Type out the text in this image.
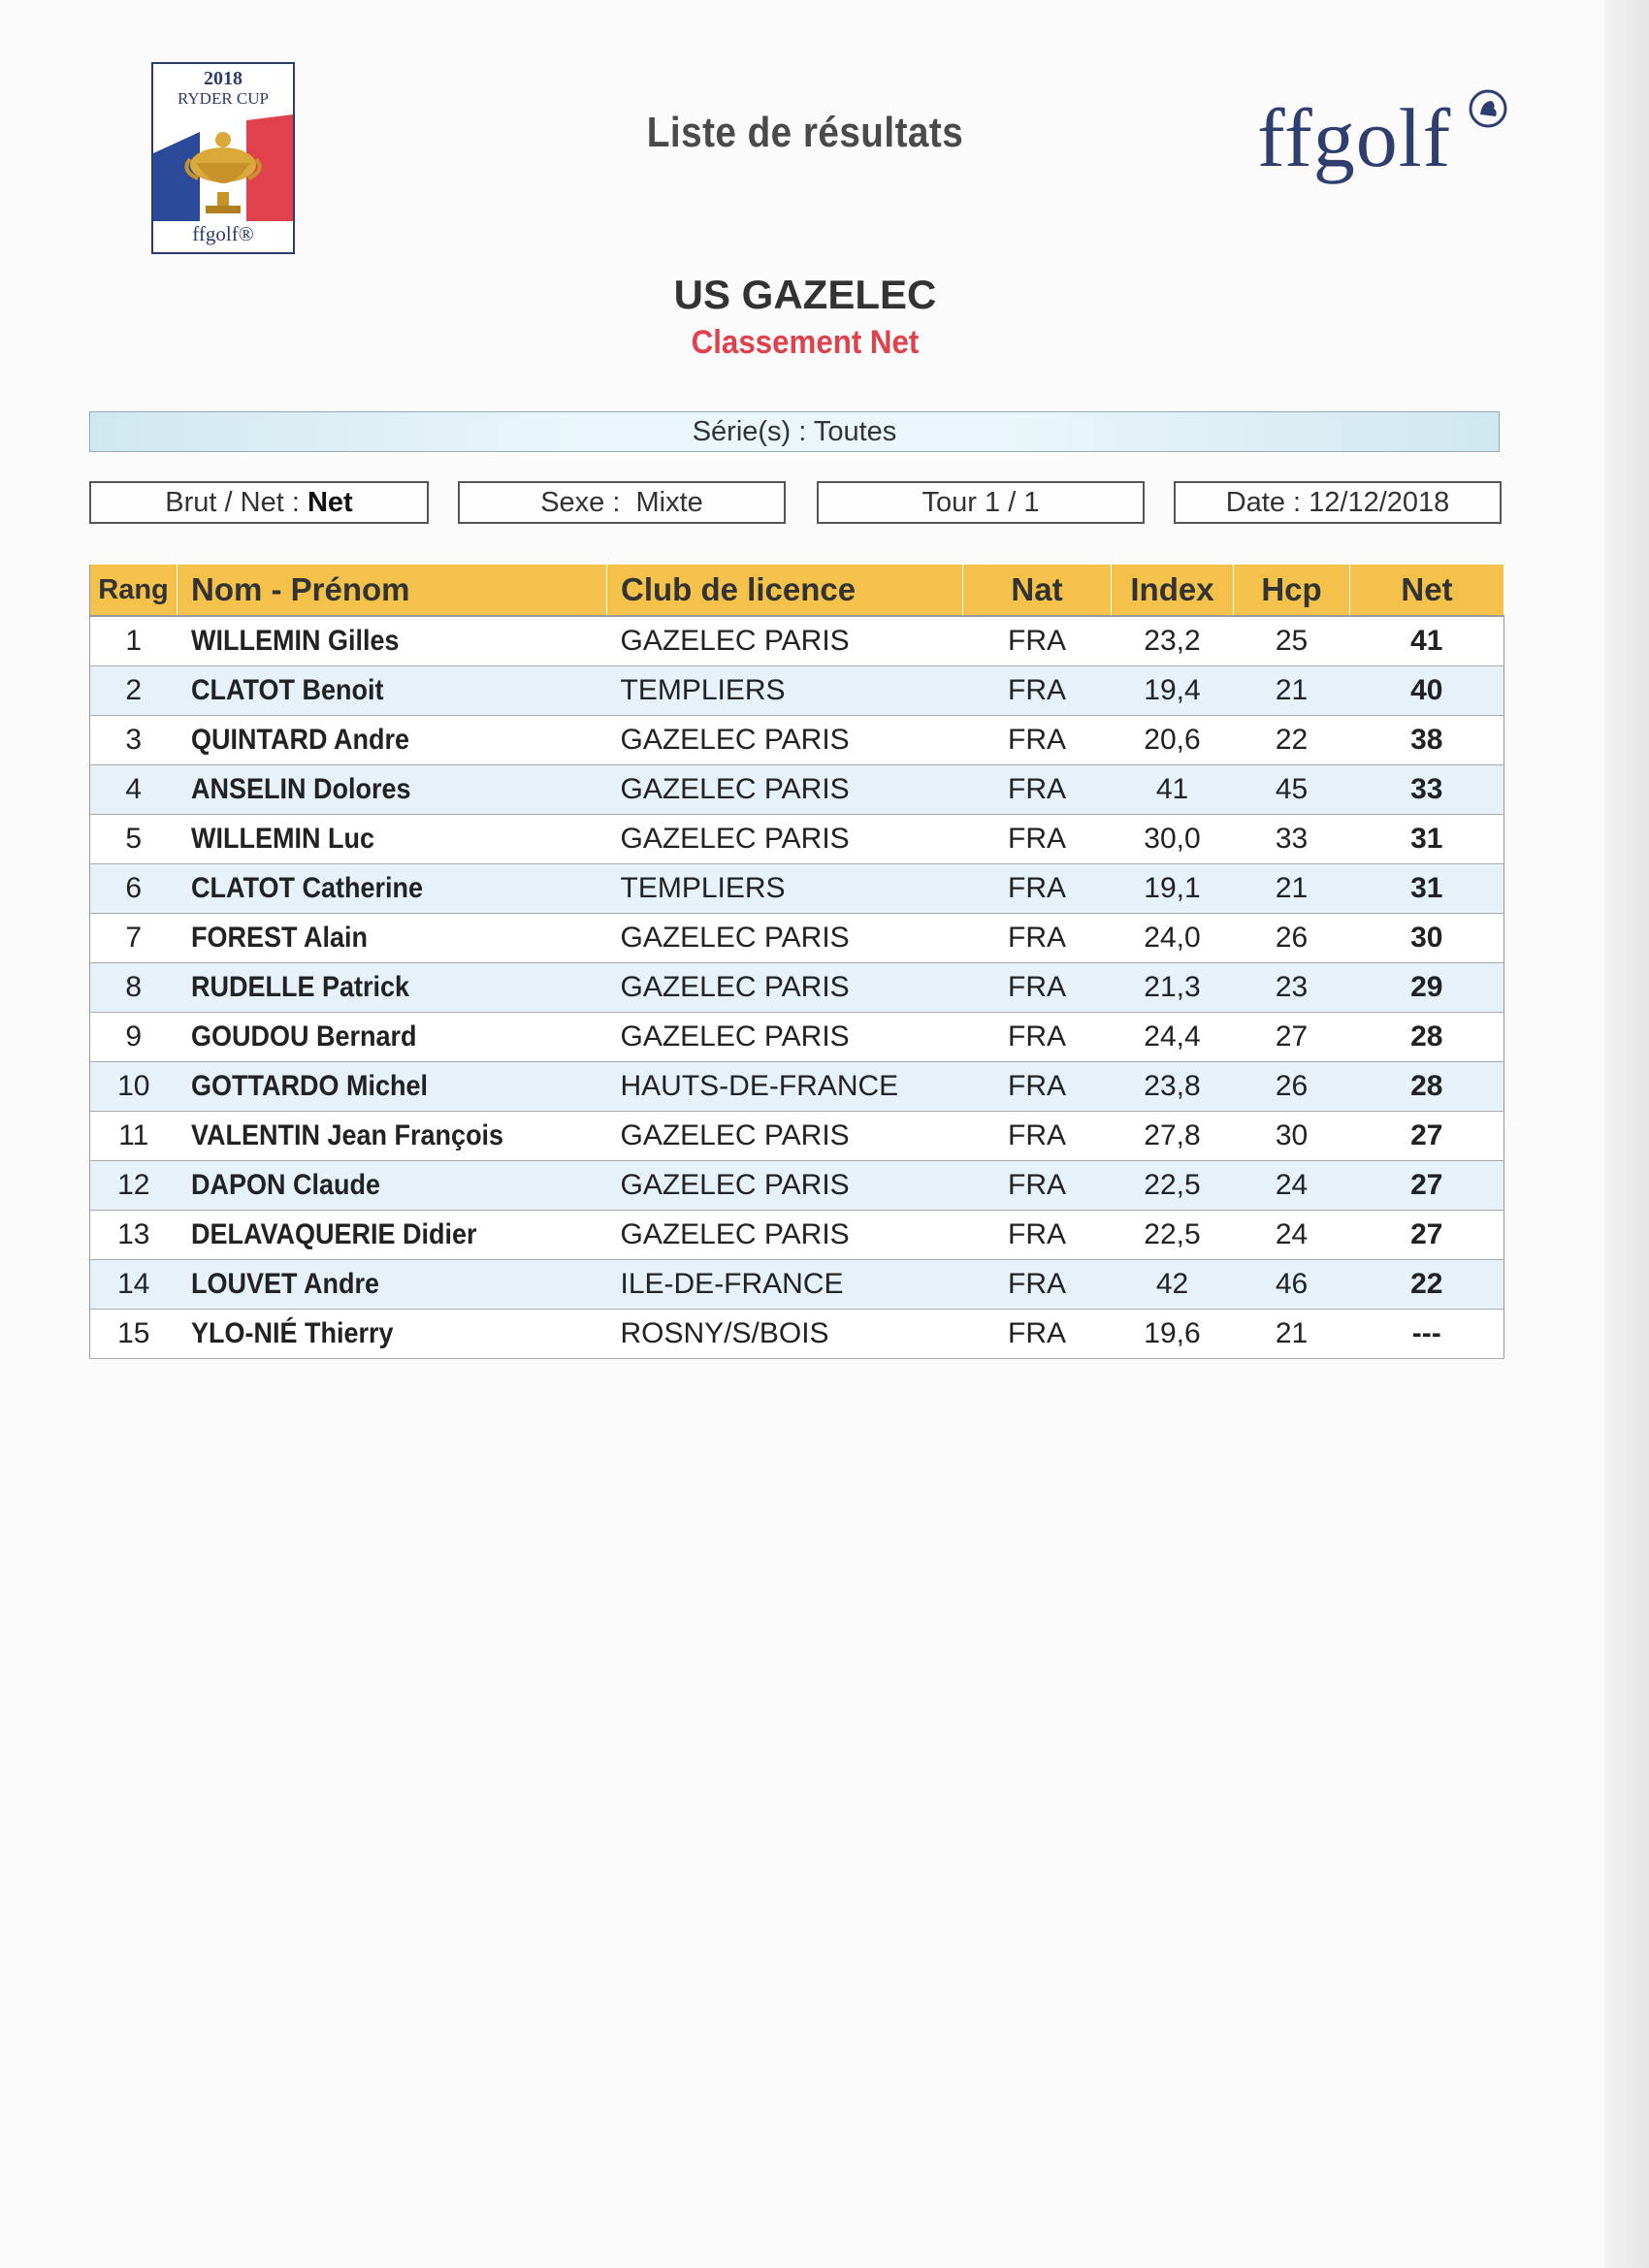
2018
RYDER CUP
ffgolf®
Liste de résultats	ffgolf
US GAZELEC
Classement Net
Série(s) : Toutes
Brut / Net : Net	Sexe :  Mixte	Tour 1 / 1	Date : 12/12/2018
Rang	Nom - Prénom	Club de licence	Nat	Index	Hcp	Net
1	WILLEMIN Gilles	GAZELEC PARIS	FRA	23,2	25	41
2	CLATOT Benoit	TEMPLIERS	FRA	19,4	21	40
3	QUINTARD Andre	GAZELEC PARIS	FRA	20,6	22	38
4	ANSELIN Dolores	GAZELEC PARIS	FRA	41	45	33
5	WILLEMIN Luc	GAZELEC PARIS	FRA	30,0	33	31
6	CLATOT Catherine	TEMPLIERS	FRA	19,1	21	31
7	FOREST Alain	GAZELEC PARIS	FRA	24,0	26	30
8	RUDELLE Patrick	GAZELEC PARIS	FRA	21,3	23	29
9	GOUDOU Bernard	GAZELEC PARIS	FRA	24,4	27	28
10	GOTTARDO Michel	HAUTS-DE-FRANCE	FRA	23,8	26	28
11	VALENTIN Jean François	GAZELEC PARIS	FRA	27,8	30	27
12	DAPON Claude	GAZELEC PARIS	FRA	22,5	24	27
13	DELAVAQUERIE Didier	GAZELEC PARIS	FRA	22,5	24	27
14	LOUVET Andre	ILE-DE-FRANCE	FRA	42	46	22
15	YLO-NIÉ Thierry	ROSNY/S/BOIS	FRA	19,6	21	---
